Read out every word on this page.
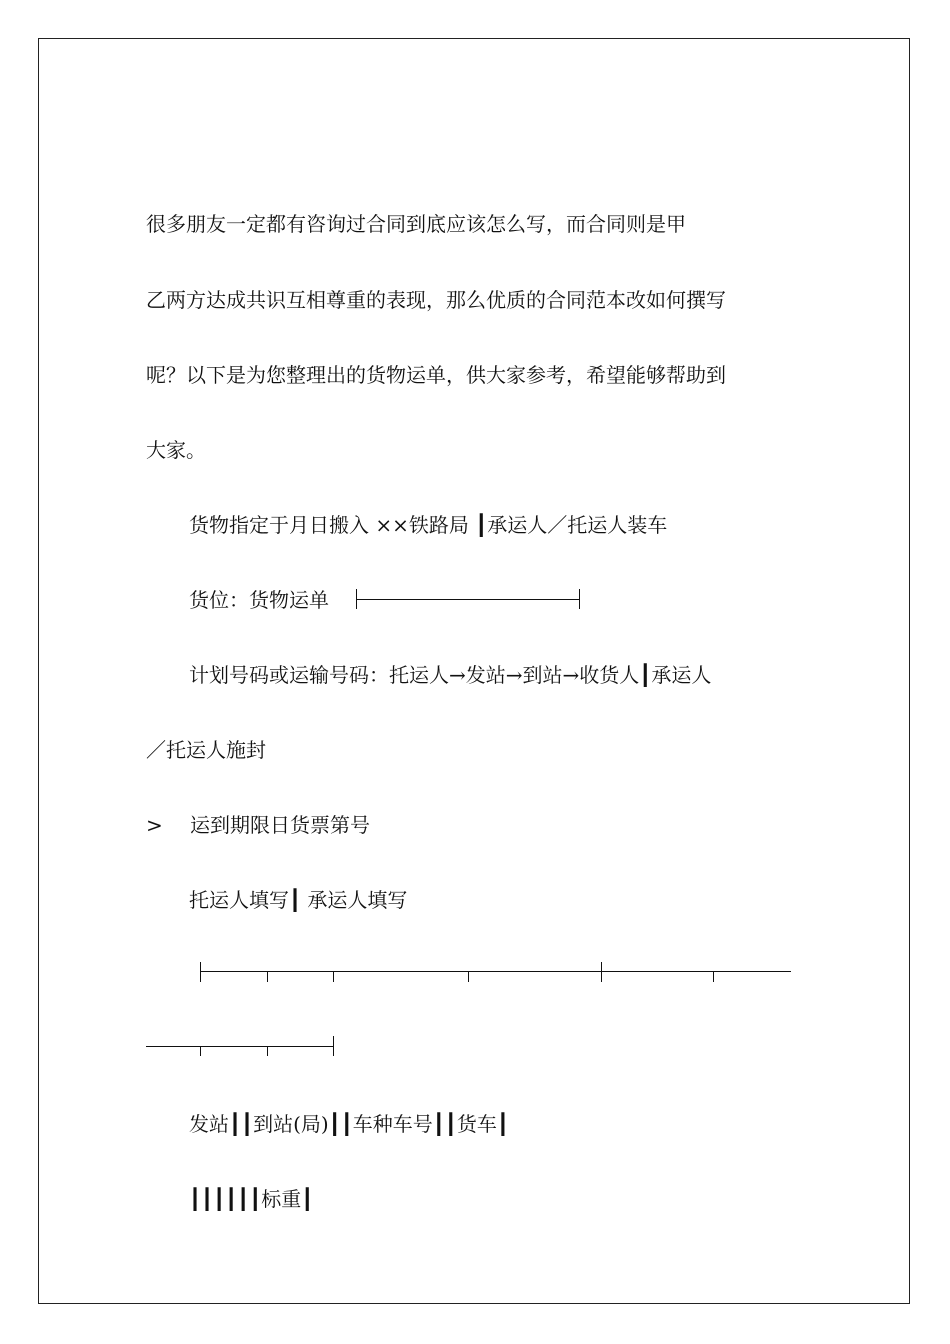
很多朋友一定都有咨询过合同到底应该怎么写，而合同则是甲
乙两方达成共识互相尊重的表现，那么优质的合同范本改如何撰写
呢？以下是为您整理出的货物运单，供大家参考，希望能够帮助到
大家。
货物指定于月日搬入 ××铁路局 ┃承运人／托运人装车
货位：货物运单
计划号码或运输号码：托运人→发站→到站→收货人┃承运人
／托运人施封
> 运到期限日货票第号
托运人填写┃ 承运人填写
发站┃┃到站(局)┃┃车种车号┃┃货车┃
┃┃┃┃┃┃标重┃
